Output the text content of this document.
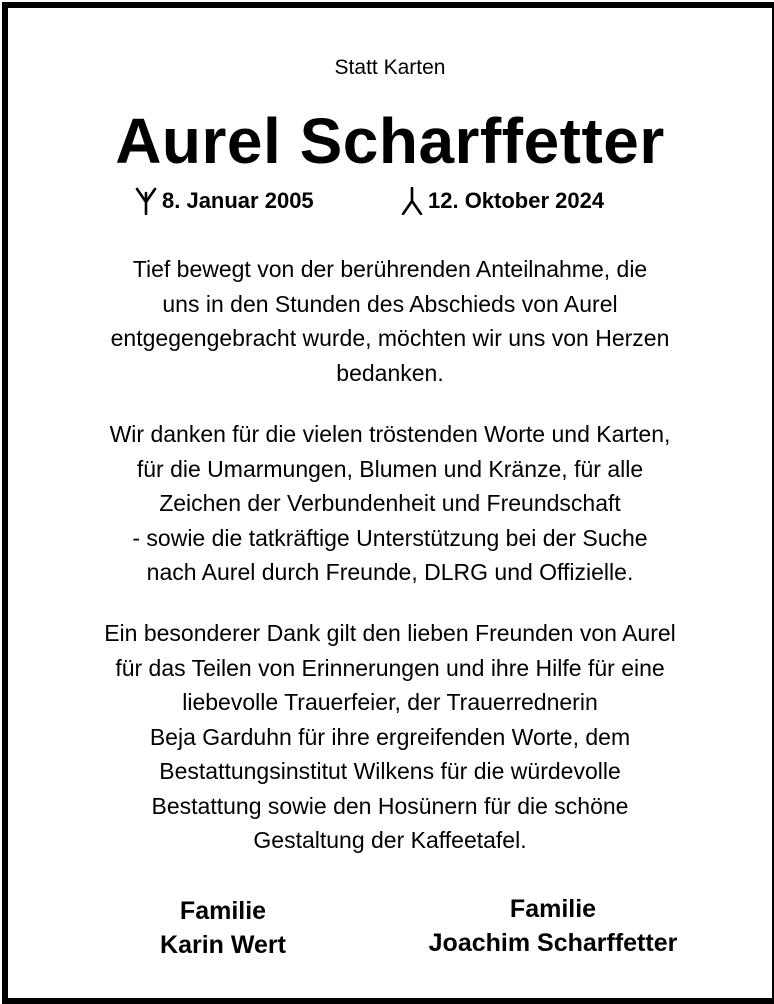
Statt Karten
Aurel Scharffetter
8. Januar 2005	12. Oktober 2024

Tief bewegt von der berührenden Anteilnahme, die
uns in den Stunden des Abschieds von Aurel
entgegengebracht wurde, möchten wir uns von Herzen
bedanken.

Wir danken für die vielen tröstenden Worte und Karten,
für die Umarmungen, Blumen und Kränze, für alle
Zeichen der Verbundenheit und Freundschaft
- sowie die tatkräftige Unterstützung bei der Suche
nach Aurel durch Freunde, DLRG und Offizielle.

Ein besonderer Dank gilt den lieben Freunden von Aurel
für das Teilen von Erinnerungen und ihre Hilfe für eine
liebevolle Trauerfeier, der Trauerrednerin
Beja Garduhn für ihre ergreifenden Worte, dem
Bestattungsinstitut Wilkens für die würdevolle
Bestattung sowie den Hosünern für die schöne
Gestaltung der Kaffeetafel.

Familie
Karin Wert
Familie
Joachim Scharffetter
